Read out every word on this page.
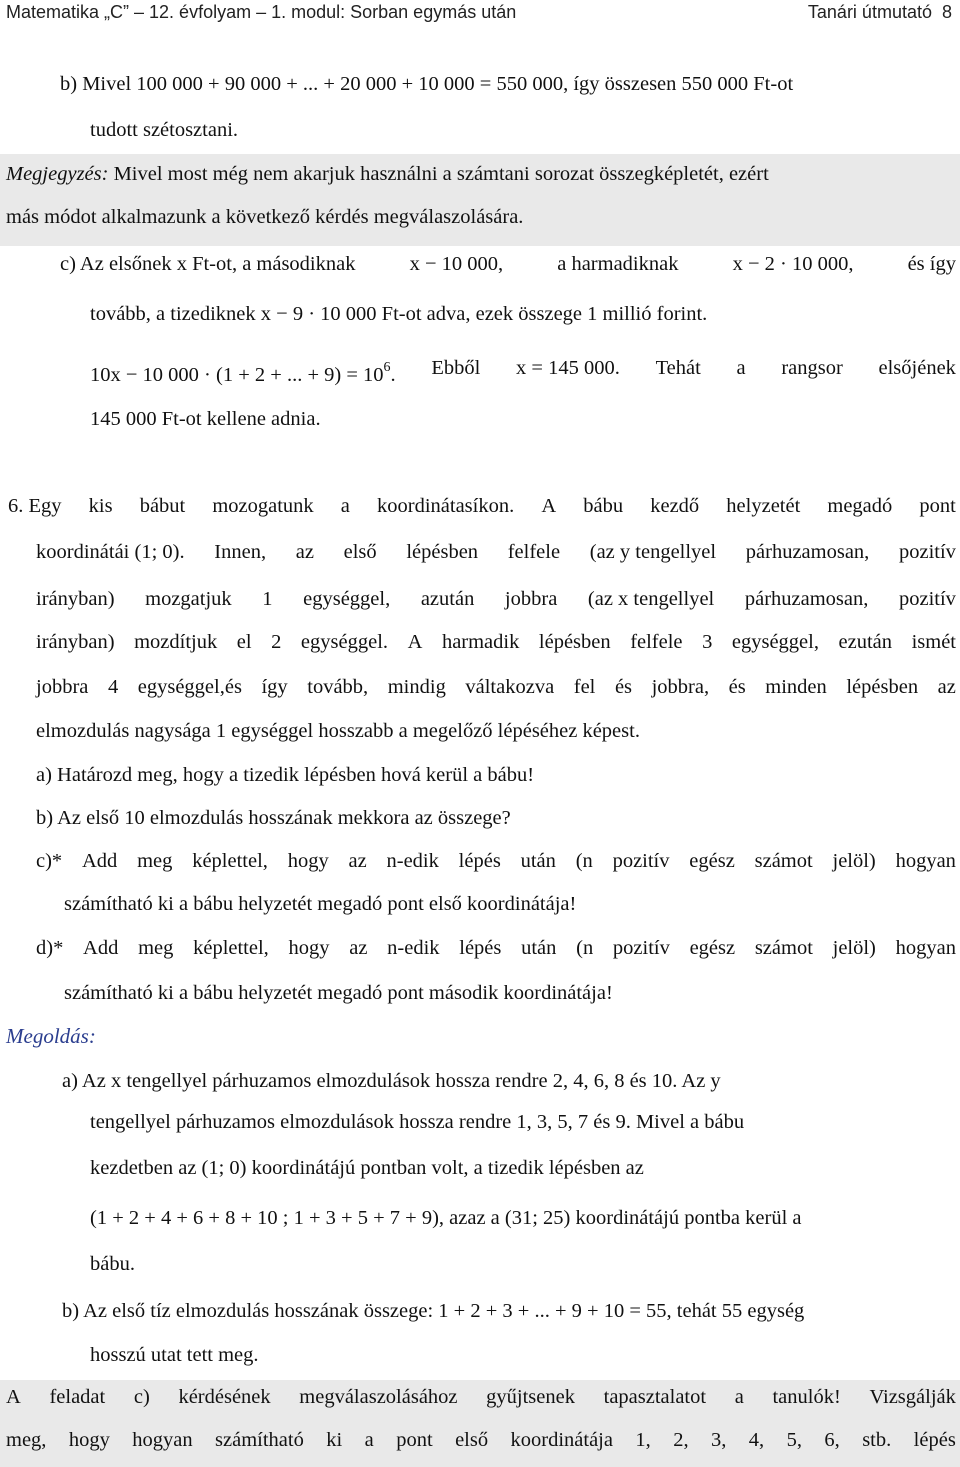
Matematika „C” – 12. évfolyam – 1. modul: Sorban egymás után	Tanári útmutató 8
b) Mivel 100 000 + 90 000 + ... + 20 000 + 10 000 = 550 000, így összesen 550 000 Ft-ot
tudott szétosztani.
Megjegyzés: Mivel most még nem akarjuk használni a számtani sorozat összegképletét, ezért
más módot alkalmazunk a következő kérdés megválaszolására.
c) Az elsőnek x Ft-ot, a másodiknak	x − 10 000,	a harmadiknak	x − 2 · 10 000,	és így
tovább, a tizediknek x − 9 · 10 000 Ft-ot adva, ezek összege 1 millió forint.
10x − 10 000 · (1 + 2 + ... + $9) = 10^6$. Ebből x = 145 000. Tehát a rangsor elsőjének
145 000 Ft-ot kellene adnia.
6. Egy kis bábut mozogatunk a koordinátasíkon. A bábu kezdő helyzetét megadó pont
koordinátái (1; 0). Innen, az első lépésben felfele (az y tengellyel párhuzamosan, pozitív
irányban) mozgatjuk 1 egységgel, azután jobbra (az x tengellyel párhuzamosan, pozitív
irányban) mozdítjuk el 2 egységgel. A harmadik lépésben felfele 3 egységgel, ezután ismét
jobbra 4 egységgel,és így tovább, mindig váltakozva fel és jobbra, és minden lépésben az
elmozdulás nagysága 1 egységgel hosszabb a megelőző lépéséhez képest.
a) Határozd meg, hogy a tizedik lépésben hová kerül a bábu!
b) Az első 10 elmozdulás hosszának mekkora az összege?
c)* Add meg képlettel, hogy az n-edik lépés után (n pozitív egész számot jelöl) hogyan
számítható ki a bábu helyzetét megadó pont első koordinátája!
d)* Add meg képlettel, hogy az n-edik lépés után (n pozitív egész számot jelöl) hogyan
számítható ki a bábu helyzetét megadó pont második koordinátája!
Megoldás:
a) Az x tengellyel párhuzamos elmozdulások hossza rendre 2, 4, 6, 8 és 10. Az y
tengellyel párhuzamos elmozdulások hossza rendre 1, 3, 5, 7 és 9. Mivel a bábu
kezdetben az (1; 0) koordinátájú pontban volt, a tizedik lépésben az
(1 + 2 + 4 + 6 + 8 + 10 ; 1 + 3 + 5 + 7 + 9), azaz a (31; 25) koordinátájú pontba kerül a
bábu.
b) Az első tíz elmozdulás hosszának összege: 1 + 2 + 3 + ... + 9 + 10 = 55, tehát 55 egység
hosszú utat tett meg.
A feladat c) kérdésének megválaszolásához gyűjtsenek tapasztalatot a tanulók! Vizsgálják
meg, hogy hogyan számítható ki a pont első koordinátája 1, 2, 3, 4, 5, 6, stb. lépés
